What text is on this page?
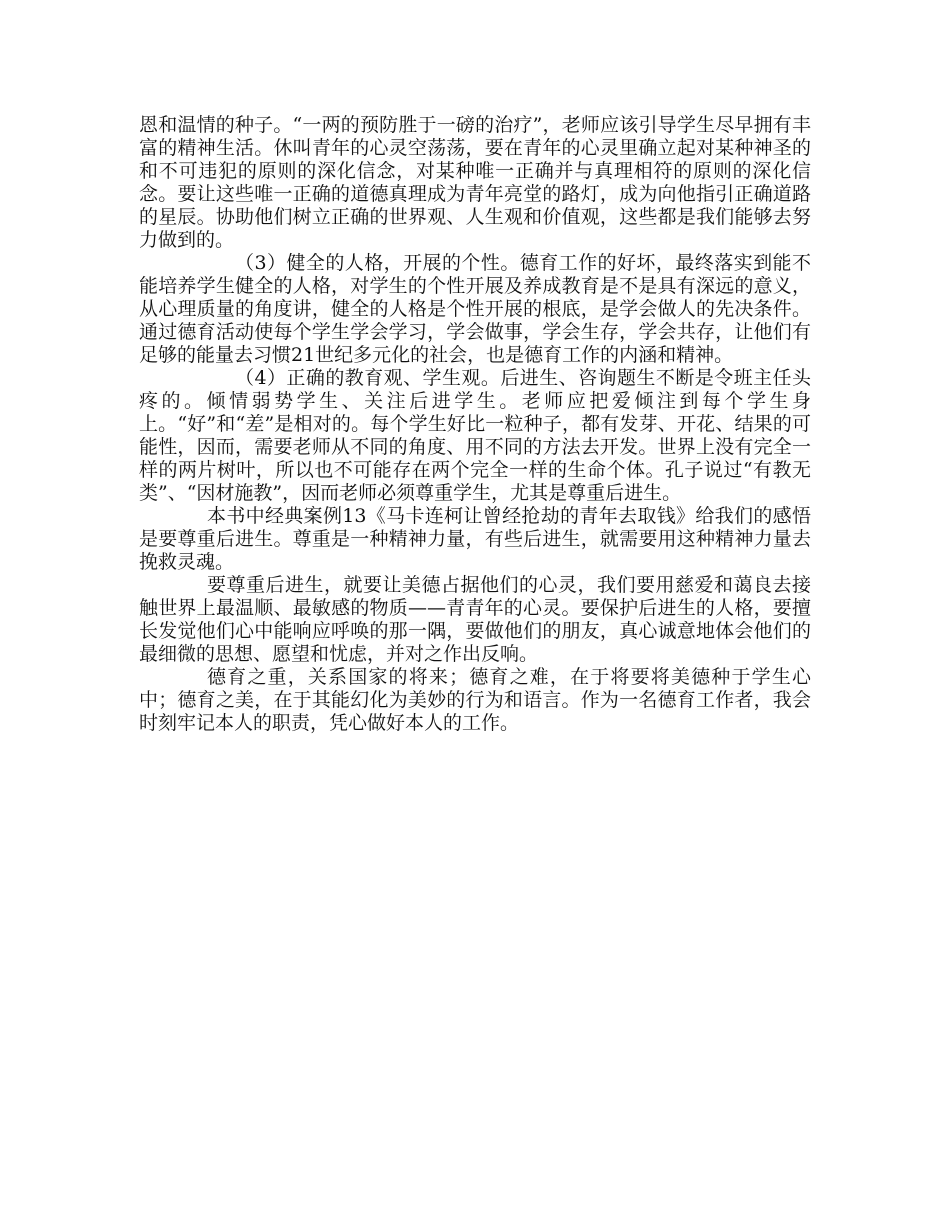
恩和温情的种子。“一两的预防胜于一磅的治疗”，老师应该引导学生尽早拥有丰富的精神生活。休叫青年的心灵空荡荡，要在青年的心灵里确立起对某种神圣的和不可违犯的原则的深化信念，对某种唯一正确并与真理相符的原则的深化信念。要让这些唯一正确的道德真理成为青年亮堂的路灯，成为向他指引正确道路的星辰。协助他们树立正确的世界观、人生观和价值观，这些都是我们能够去努力做到的。

（3）健全的人格，开展的个性。德育工作的好坏，最终落实到能不能培养学生健全的人格，对学生的个性开展及养成教育是不是具有深远的意义，从心理质量的角度讲，健全的人格是个性开展的根底，是学会做人的先决条件。通过德育活动使每个学生学会学习，学会做事，学会生存，学会共存，让他们有足够的能量去习惯21世纪多元化的社会，也是德育工作的内涵和精神。

（4）正确的教育观、学生观。后进生、咨询题生不断是令班主任头疼的。倾情弱势学生、关注后进学生。老师应把爱倾注到每个学生身上。“好”和“差”是相对的。每个学生好比一粒种子，都有发芽、开花、结果的可能性，因而，需要老师从不同的角度、用不同的方法去开发。世界上没有完全一样的两片树叶，所以也不可能存在两个完全一样的生命个体。孔子说过“有教无类”、“因材施教”，因而老师必须尊重学生，尤其是尊重后进生。

本书中经典案例13《马卡连柯让曾经抢劫的青年去取钱》给我们的感悟是要尊重后进生。尊重是一种精神力量，有些后进生，就需要用这种精神力量去挽救灵魂。

要尊重后进生，就要让美德占据他们的心灵，我们要用慈爱和蔼良去接触世界上最温顺、最敏感的物质——青青年的心灵。要保护后进生的人格，要擅长发觉他们心中能响应呼唤的那一隅，要做他们的朋友，真心诚意地体会他们的最细微的思想、愿望和忧虑，并对之作出反响。

德育之重，关系国家的将来；德育之难，在于将要将美德种于学生心中；德育之美，在于其能幻化为美妙的行为和语言。作为一名德育工作者，我会时刻牢记本人的职责，凭心做好本人的工作。
